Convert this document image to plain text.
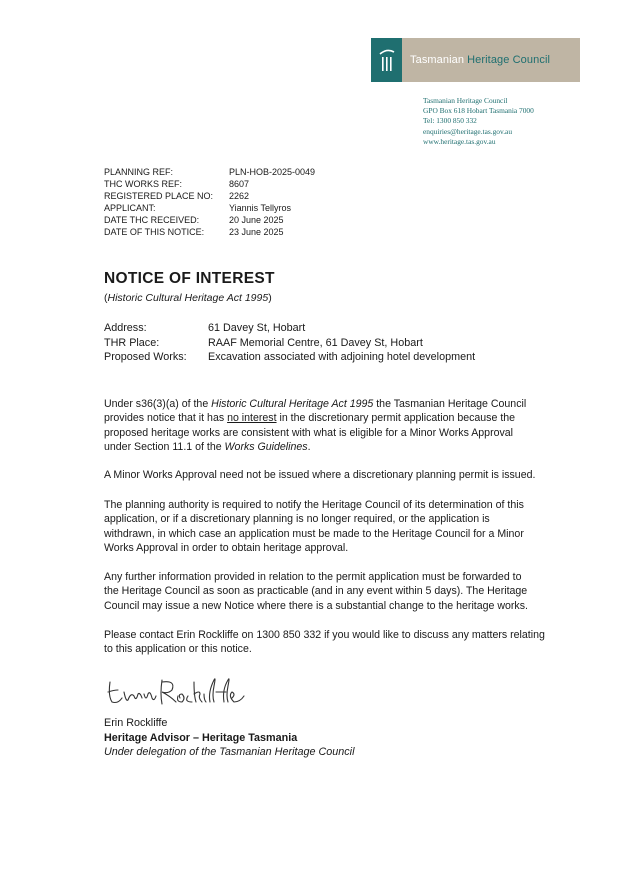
Tasmanian Heritage Council
Tasmanian Heritage Council
GPO Box 618 Hobart Tasmania 7000
Tel: 1300 850 332
enquiries@heritage.tas.gov.au
www.heritage.tas.gov.au
PLANNING REF:	PLN-HOB-2025-0049
THC WORKS REF:	8607
REGISTERED PLACE NO:	2262
APPLICANT:	Yiannis Tellyros
DATE THC RECEIVED:	20 June 2025
DATE OF THIS NOTICE:	23 June 2025
NOTICE OF INTEREST
(Historic Cultural Heritage Act 1995)
Address:	61 Davey St, Hobart
THR Place:	RAAF Memorial Centre, 61 Davey St, Hobart
Proposed Works:	Excavation associated with adjoining hotel development
Under s36(3)(a) of the Historic Cultural Heritage Act 1995 the Tasmanian Heritage Council
provides notice that it has no interest in the discretionary permit application because the
proposed heritage works are consistent with what is eligible for a Minor Works Approval
under Section 11.1 of the Works Guidelines.
A Minor Works Approval need not be issued where a discretionary planning permit is issued.
The planning authority is required to notify the Heritage Council of its determination of this
application, or if a discretionary planning is no longer required, or the application is
withdrawn, in which case an application must be made to the Heritage Council for a Minor
Works Approval in order to obtain heritage approval.
Any further information provided in relation to the permit application must be forwarded to
the Heritage Council as soon as practicable (and in any event within 5 days). The Heritage
Council may issue a new Notice where there is a substantial change to the heritage works.
Please contact Erin Rockliffe on 1300 850 332 if you would like to discuss any matters relating
to this application or this notice.
Erin Rockliffe
Heritage Advisor – Heritage Tasmania
Under delegation of the Tasmanian Heritage Council
